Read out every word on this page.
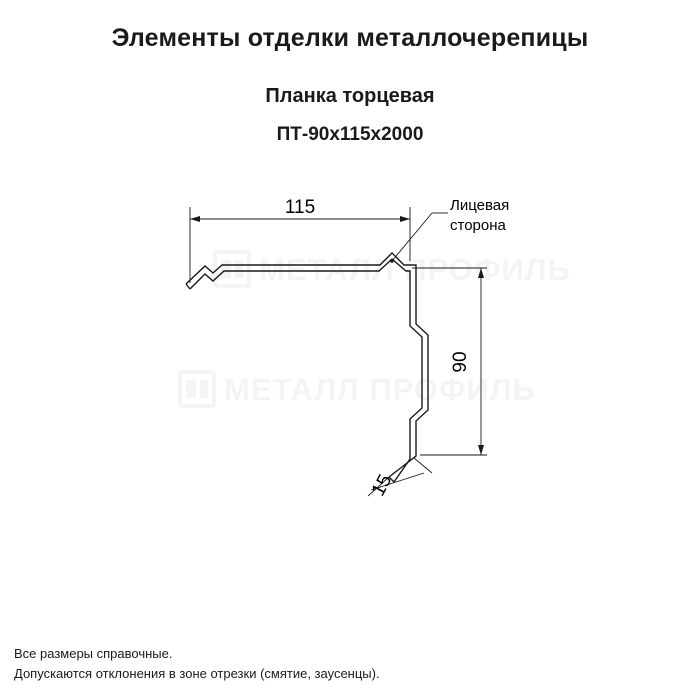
Элементы отделки металлочерепицы
Планка торцевая
ПТ-90x115x2000
МЕТАЛЛ ПРОФИЛЬ
МЕТАЛЛ ПРОФИЛЬ
115
90
15
Лицевая
сторона
Все размеры справочные.
Допускаются отклонения в зоне отрезки (смятие, заусенцы).
